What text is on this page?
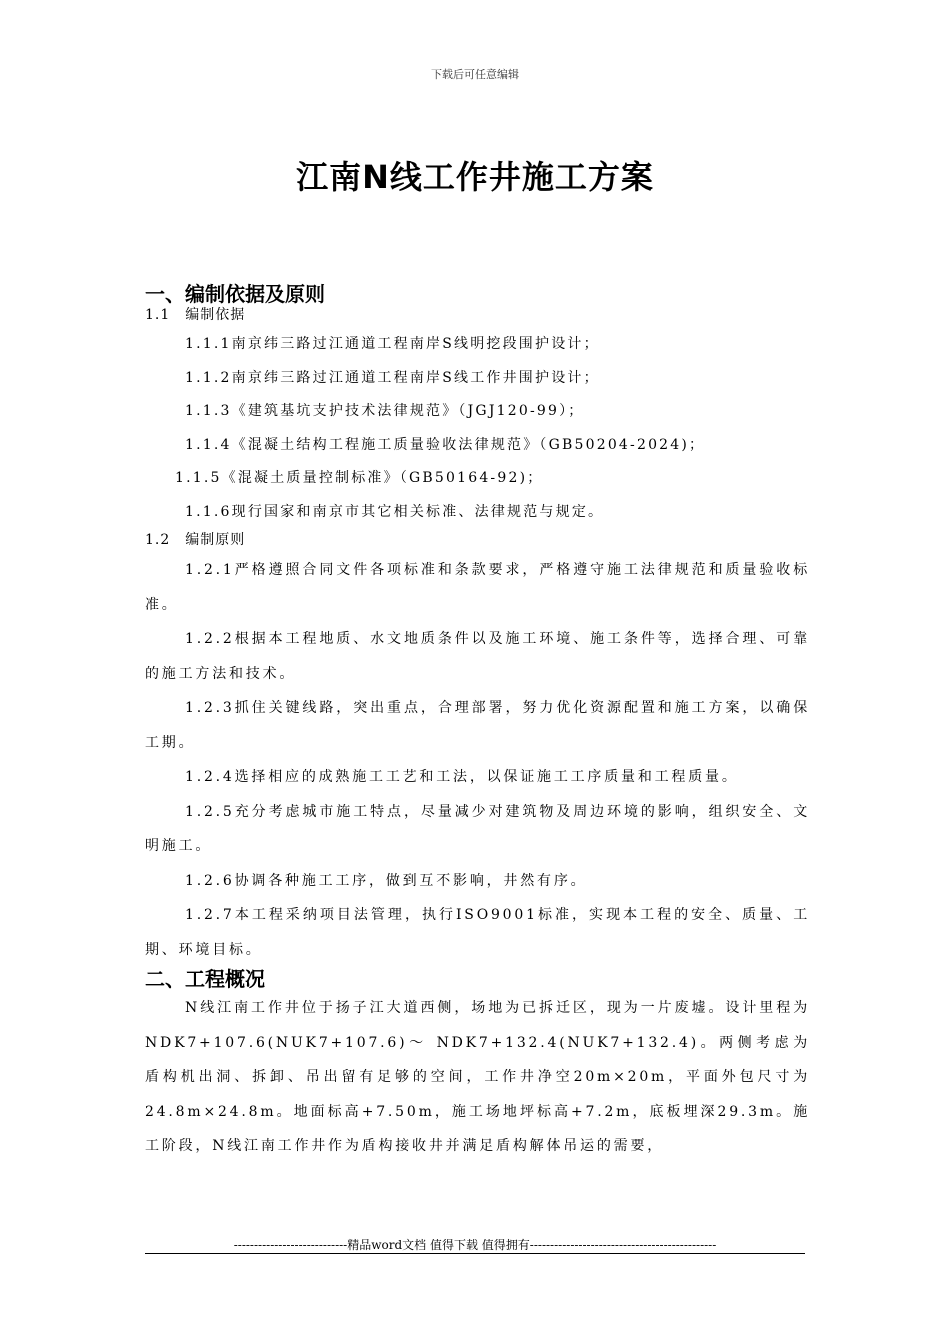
下载后可任意编辑
江南N线工作井施工方案
一、编制依据及原则

1.1　编制依据

1.1.1南京纬三路过江通道工程南岸S线明挖段围护设计；

1.1.2南京纬三路过江通道工程南岸S线工作井围护设计；

1.1.3《建筑基坑支护技术法律规范》（JGJ120-99）；

1.1.4《混凝土结构工程施工质量验收法律规范》（GB50204-2024)；

1.1.5《混凝土质量控制标准》（GB50164-92)；

1.1.6现行国家和南京市其它相关标准、法律规范与规定。

1.2　编制原则

1.2.1严格遵照合同文件各项标准和条款要求，严格遵守施工法律规范和质量验收标准。

1.2.2根据本工程地质、水文地质条件以及施工环境、施工条件等，选择合理、可靠的施工方法和技术。

1.2.3抓住关键线路，突出重点，合理部署，努力优化资源配置和施工方案，以确保工期。

1.2.4选择相应的成熟施工工艺和工法，以保证施工工序质量和工程质量。

1.2.5充分考虑城市施工特点，尽量减少对建筑物及周边环境的影响，组织安全、文明施工。

1.2.6协调各种施工工序，做到互不影响，井然有序。

1.2.7本工程采纳项目法管理，执行ISO9001标准，实现本工程的安全、质量、工期、环境目标。

二、工程概况

N线江南工作井位于扬子江大道西侧，场地为已拆迁区，现为一片废墟。设计里程为NDK7+107.6(NUK7+107.6)～ NDK7+132.4(NUK7+132.4)。两侧考虑为盾构机出洞、拆卸、吊出留有足够的空间，工作井净空20m×20m，平面外包尺寸为24.8m×24.8m。地面标高+7.50m，施工场地坪标高+7.2m，底板埋深29.3m。施工阶段，N线江南工作井作为盾构接收井并满足盾构解体吊运的需要，

----------------------------精品word文档 值得下载 值得拥有----------------------------------------------
